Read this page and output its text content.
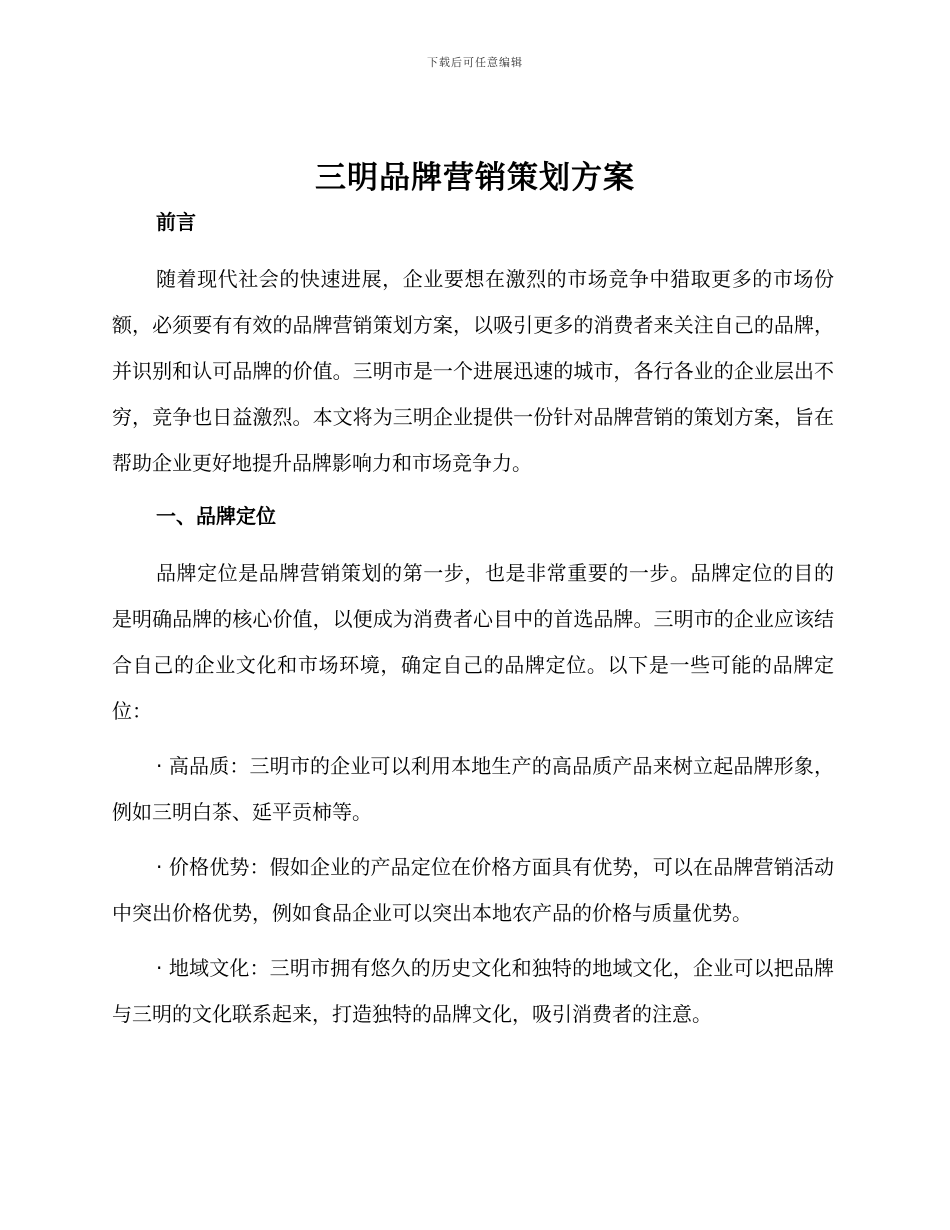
下载后可任意编辑
三明品牌营销策划方案
前言

随着现代社会的快速进展，企业要想在激烈的市场竞争中猎取更多的市场份额，必须要有有效的品牌营销策划方案，以吸引更多的消费者来关注自己的品牌，并识别和认可品牌的价值。三明市是一个进展迅速的城市，各行各业的企业层出不穷，竞争也日益激烈。本文将为三明企业提供一份针对品牌营销的策划方案，旨在帮助企业更好地提升品牌影响力和市场竞争力。

一、品牌定位

品牌定位是品牌营销策划的第一步，也是非常重要的一步。品牌定位的目的是明确品牌的核心价值，以便成为消费者心目中的首选品牌。三明市的企业应该结合自己的企业文化和市场环境，确定自己的品牌定位。以下是一些可能的品牌定位：

· 高品质：三明市的企业可以利用本地生产的高品质产品来树立起品牌形象，例如三明白茶、延平贡柿等。

· 价格优势：假如企业的产品定位在价格方面具有优势，可以在品牌营销活动中突出价格优势，例如食品企业可以突出本地农产品的价格与质量优势。

· 地域文化：三明市拥有悠久的历史文化和独特的地域文化，企业可以把品牌与三明的文化联系起来，打造独特的品牌文化，吸引消费者的注意。
